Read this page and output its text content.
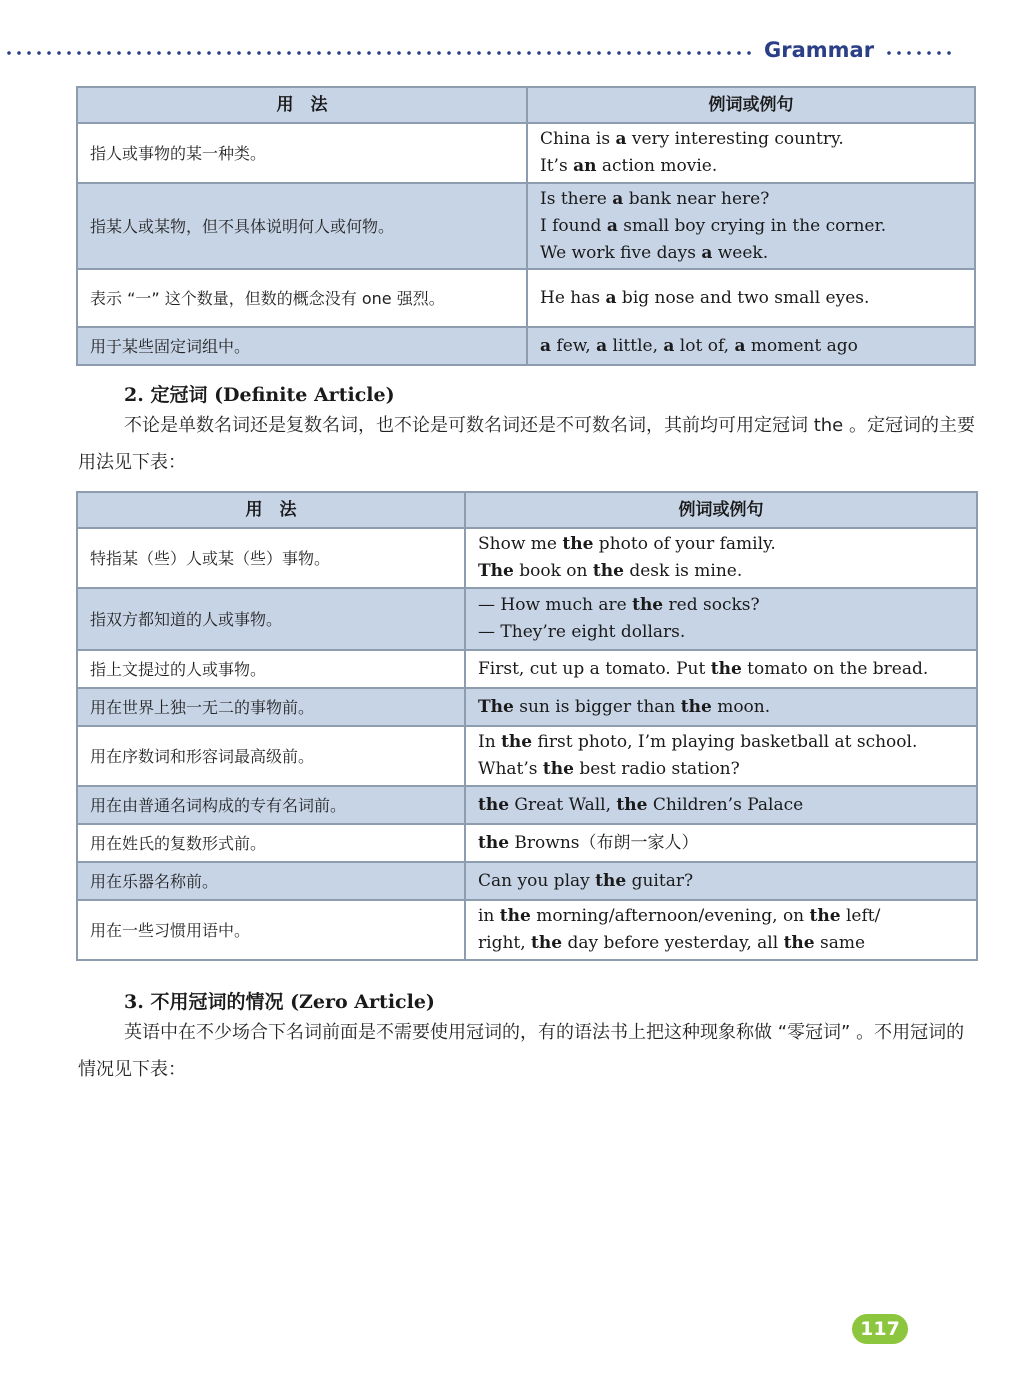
Grammar
用　法	例词或例句
指人或事物的某一种类。	China is a very interesting country.
It’s an action movie.

指某人或某物，但不具体说明何人或何物。	Is there a bank near here?
I found a small boy crying in the corner.
We work five days a week.

表示 “一” 这个数量，但数的概念没有 one 强烈。	He has a big nose and two small eyes.

用于某些固定词组中。	a few, a little, a lot of, a moment ago
2. 定冠词 (Definite Article)
不论是单数名词还是复数名词，也不论是可数名词还是不可数名词，其前均可用定冠词 the 。定冠词的主要用法见下表：
用　法	例词或例句
特指某（些）人或某（些）事物。	Show me the photo of your family.
The book on the desk is mine.

指双方都知道的人或事物。	— How much are the red socks?
— They’re eight dollars.

指上文提过的人或事物。	First, cut up a tomato. Put the tomato on the bread.

用在世界上独一无二的事物前。	The sun is bigger than the moon.

用在序数词和形容词最高级前。	In the first photo, I’m playing basketball at school.
What’s the best radio station?

用在由普通名词构成的专有名词前。	the Great Wall, the Children’s Palace

用在姓氏的复数形式前。	the Browns（布朗一家人）

用在乐器名称前。	Can you play the guitar?

用在一些习惯用语中。	in the morning/afternoon/evening, on the left/
right, the day before yesterday, all the same
3. 不用冠词的情况 (Zero Article)
英语中在不少场合下名词前面是不需要使用冠词的，有的语法书上把这种现象称做 “零冠词” 。不用冠词的情况见下表：
117
